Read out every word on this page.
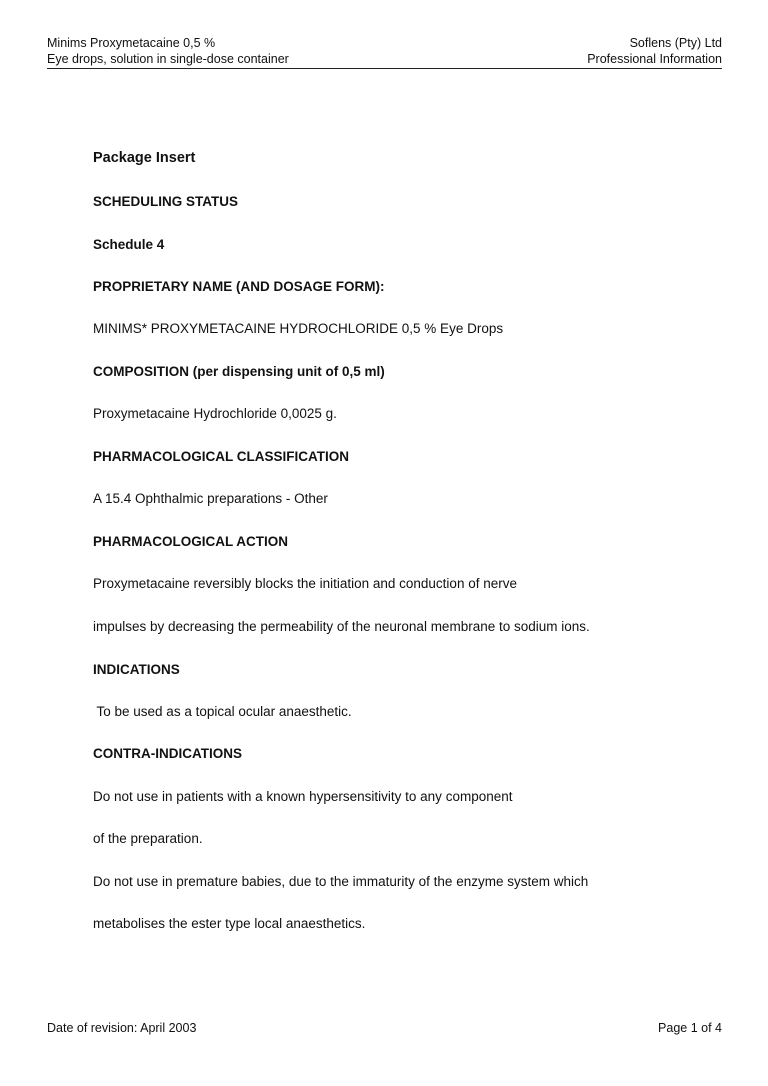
Minims Proxymetacaine 0,5 %	Soflens (Pty) Ltd
Eye drops, solution in single-dose container	Professional Information
Package Insert
SCHEDULING STATUS
Schedule 4
PROPRIETARY NAME (AND DOSAGE FORM):
MINIMS* PROXYMETACAINE HYDROCHLORIDE 0,5 % Eye Drops
COMPOSITION (per dispensing unit of 0,5 ml)
Proxymetacaine Hydrochloride 0,0025 g.
PHARMACOLOGICAL CLASSIFICATION
A 15.4 Ophthalmic preparations - Other
PHARMACOLOGICAL ACTION
Proxymetacaine reversibly blocks the initiation and conduction of nerve
impulses by decreasing the permeability of the neuronal membrane to sodium ions.
INDICATIONS
To be used as a topical ocular anaesthetic.
CONTRA-INDICATIONS
Do not use in patients with a known hypersensitivity to any component
of the preparation.
Do not use in premature babies, due to the immaturity of the enzyme system which
metabolises the ester type local anaesthetics.
Date of revision: April 2003	Page 1 of 4
